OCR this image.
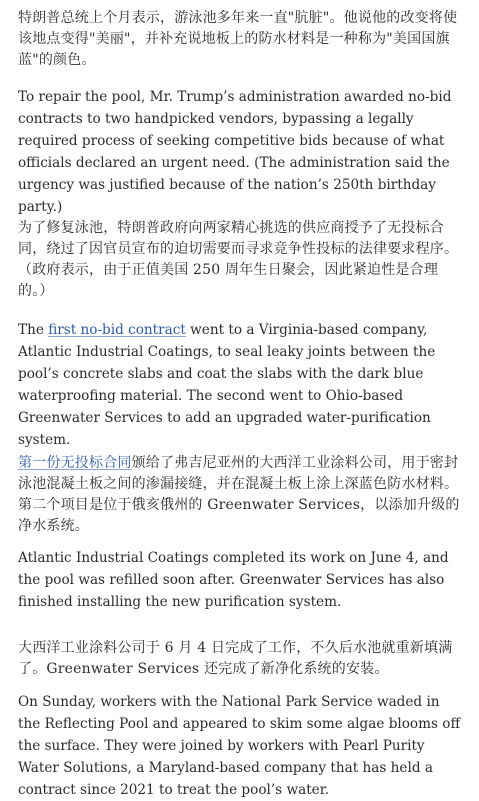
特朗普总统上个月表示，游泳池多年来一直"肮脏"。他说他的改变将使该地点变得"美丽"，并补充说地板上的防水材料是一种称为"美国国旗蓝"的颜色。

To repair the pool, Mr. Trump’s administration awarded no-bid contracts to two handpicked vendors, bypassing a legally required process of seeking competitive bids because of what officials declared an urgent need. (The administration said the urgency was justified because of the nation’s 250th birthday party.)

为了修复泳池，特朗普政府向两家精心挑选的供应商授予了无投标合同，绕过了因官员宣布的迫切需要而寻求竞争性投标的法律要求程序。（政府表示，由于正值美国 250 周年生日聚会，因此紧迫性是合理的。）

The first no-bid contract went to a Virginia-based company, Atlantic Industrial Coatings, to seal leaky joints between the pool’s concrete slabs and coat the slabs with the dark blue waterproofing material. The second went to Ohio-based Greenwater Services to add an upgraded water-purification system.

第一份无投标合同颁给了弗吉尼亚州的大西洋工业涂料公司，用于密封泳池混凝土板之间的渗漏接缝，并在混凝土板上涂上深蓝色防水材料。第二个项目是位于俄亥俄州的 Greenwater Services，以添加升级的净水系统。

Atlantic Industrial Coatings completed its work on June 4, and the pool was refilled soon after. Greenwater Services has also finished installing the new purification system.

大西洋工业涂料公司于 6 月 4 日完成了工作，不久后水池就重新填满了。Greenwater Services 还完成了新净化系统的安装。

On Sunday, workers with the National Park Service waded in the Reflecting Pool and appeared to skim some algae blooms off the surface. They were joined by workers with Pearl Purity Water Solutions, a Maryland-based company that has held a contract since 2021 to treat the pool’s water.
